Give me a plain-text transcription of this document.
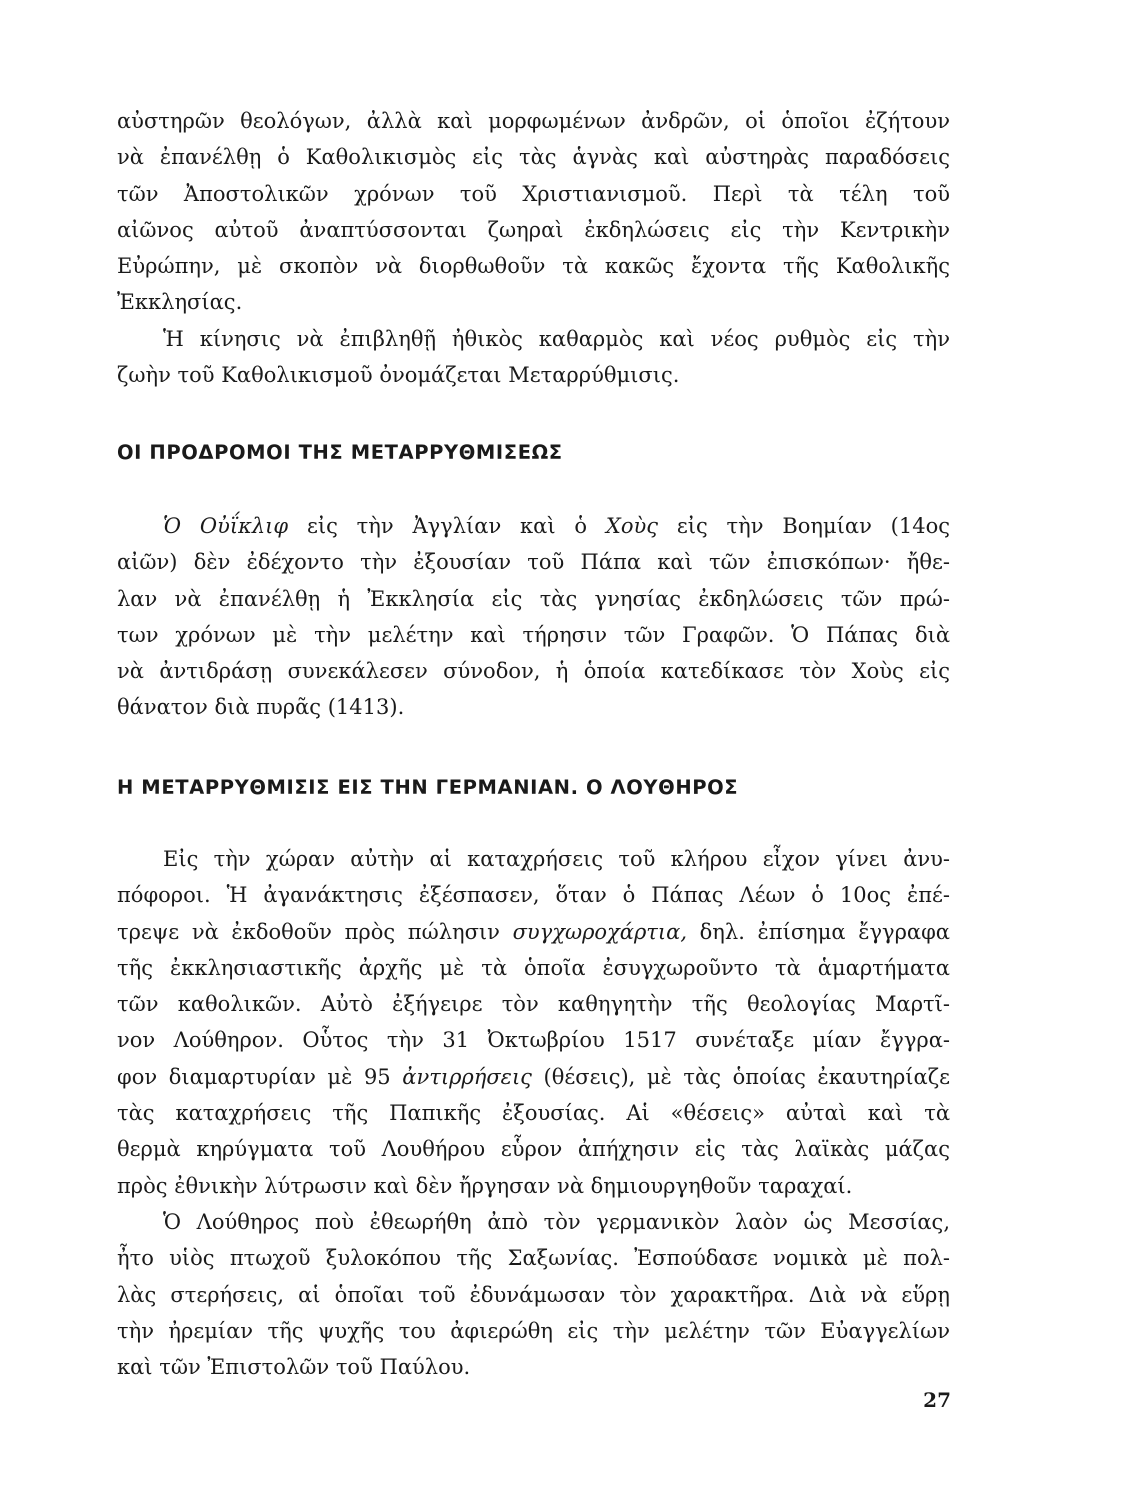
αὐστηρῶν θεολόγων, ἀλλὰ καὶ μορφωμένων ἀνδρῶν, οἱ ὁποῖοι ἐζήτουν
νὰ ἐπανέλθῃ ὁ Καθολικισμὸς εἰς τὰς ἁγνὰς καὶ αὐστηρὰς παραδόσεις
τῶν Ἀποστολικῶν χρόνων τοῦ Χριστιανισμοῦ. Περὶ τὰ τέλη τοῦ
αἰῶνος αὐτοῦ ἀναπτύσσονται ζωηραὶ ἐκδηλώσεις εἰς τὴν Κεντρικὴν
Εὐρώπην, μὲ σκοπὸν νὰ διορθωθοῦν τὰ κακῶς ἔχοντα τῆς Καθολικῆς
Ἐκκλησίας.
Ἡ κίνησις νὰ ἐπιβληθῇ ἠθικὸς καθαρμὸς καὶ νέος ρυθμὸς εἰς τὴν
ζωὴν τοῦ Καθολικισμοῦ ὀνομάζεται Μεταρρύθμισις.
ΟΙ ΠΡΟΔΡΟΜΟΙ ΤΗΣ ΜΕΤΑΡΡΥΘΜΙΣΕΩΣ
Ὁ Οὐΐκλιφ εἰς τὴν Ἀγγλίαν καὶ ὁ Χοὺς εἰς τὴν Βοημίαν (14ος
αἰῶν) δὲν ἐδέχοντο τὴν ἐξουσίαν τοῦ Πάπα καὶ τῶν ἐπισκόπων· ἤθε-
λαν νὰ ἐπανέλθῃ ἡ Ἐκκλησία εἰς τὰς γνησίας ἐκδηλώσεις τῶν πρώ-
των χρόνων μὲ τὴν μελέτην καὶ τήρησιν τῶν Γραφῶν. Ὁ Πάπας διὰ
νὰ ἀντιδράσῃ συνεκάλεσεν σύνοδον, ἡ ὁποία κατεδίκασε τὸν Χοὺς εἰς
θάνατον διὰ πυρᾶς (1413).
Η ΜΕΤΑΡΡΥΘΜΙΣΙΣ ΕΙΣ ΤΗΝ ΓΕΡΜΑΝΙΑΝ. Ο ΛΟΥΘΗΡΟΣ
Εἰς τὴν χώραν αὐτὴν αἱ καταχρήσεις τοῦ κλήρου εἶχον γίνει ἀνυ-
πόφοροι. Ἡ ἀγανάκτησις ἐξέσπασεν, ὅταν ὁ Πάπας Λέων ὁ 10ος ἐπέ-
τρεψε νὰ ἐκδοθοῦν πρὸς πώλησιν συγχωροχάρτια, δηλ. ἐπίσημα ἔγγραφα
τῆς ἐκκλησιαστικῆς ἀρχῆς μὲ τὰ ὁποῖα ἐσυγχωροῦντο τὰ ἁμαρτήματα
τῶν καθολικῶν. Αὐτὸ ἐξήγειρε τὸν καθηγητὴν τῆς θεολογίας Μαρτῖ-
νον Λούθηρον. Οὗτος τὴν 31 Ὀκτωβρίου 1517 συνέταξε μίαν ἔγγρα-
φον διαμαρτυρίαν μὲ 95 ἀντιρρήσεις (θέσεις), μὲ τὰς ὁποίας ἐκαυτηρίαζε
τὰς καταχρήσεις τῆς Παπικῆς ἐξουσίας. Αἱ «θέσεις» αὐταὶ καὶ τὰ
θερμὰ κηρύγματα τοῦ Λουθήρου εὗρον ἀπήχησιν εἰς τὰς λαϊκὰς μάζας
πρὸς ἐθνικὴν λύτρωσιν καὶ δὲν ἤργησαν νὰ δημιουργηθοῦν ταραχαί.
Ὁ Λούθηρος ποὺ ἐθεωρήθη ἀπὸ τὸν γερμανικὸν λαὸν ὡς Μεσσίας,
ἦτο υἱὸς πτωχοῦ ξυλοκόπου τῆς Σαξωνίας. Ἐσπούδασε νομικὰ μὲ πολ-
λὰς στερήσεις, αἱ ὁποῖαι τοῦ ἐδυνάμωσαν τὸν χαρακτῆρα. Διὰ νὰ εὕρῃ
τὴν ἠρεμίαν τῆς ψυχῆς του ἀφιερώθη εἰς τὴν μελέτην τῶν Εὐαγγελίων
καὶ τῶν Ἐπιστολῶν τοῦ Παύλου.
27
